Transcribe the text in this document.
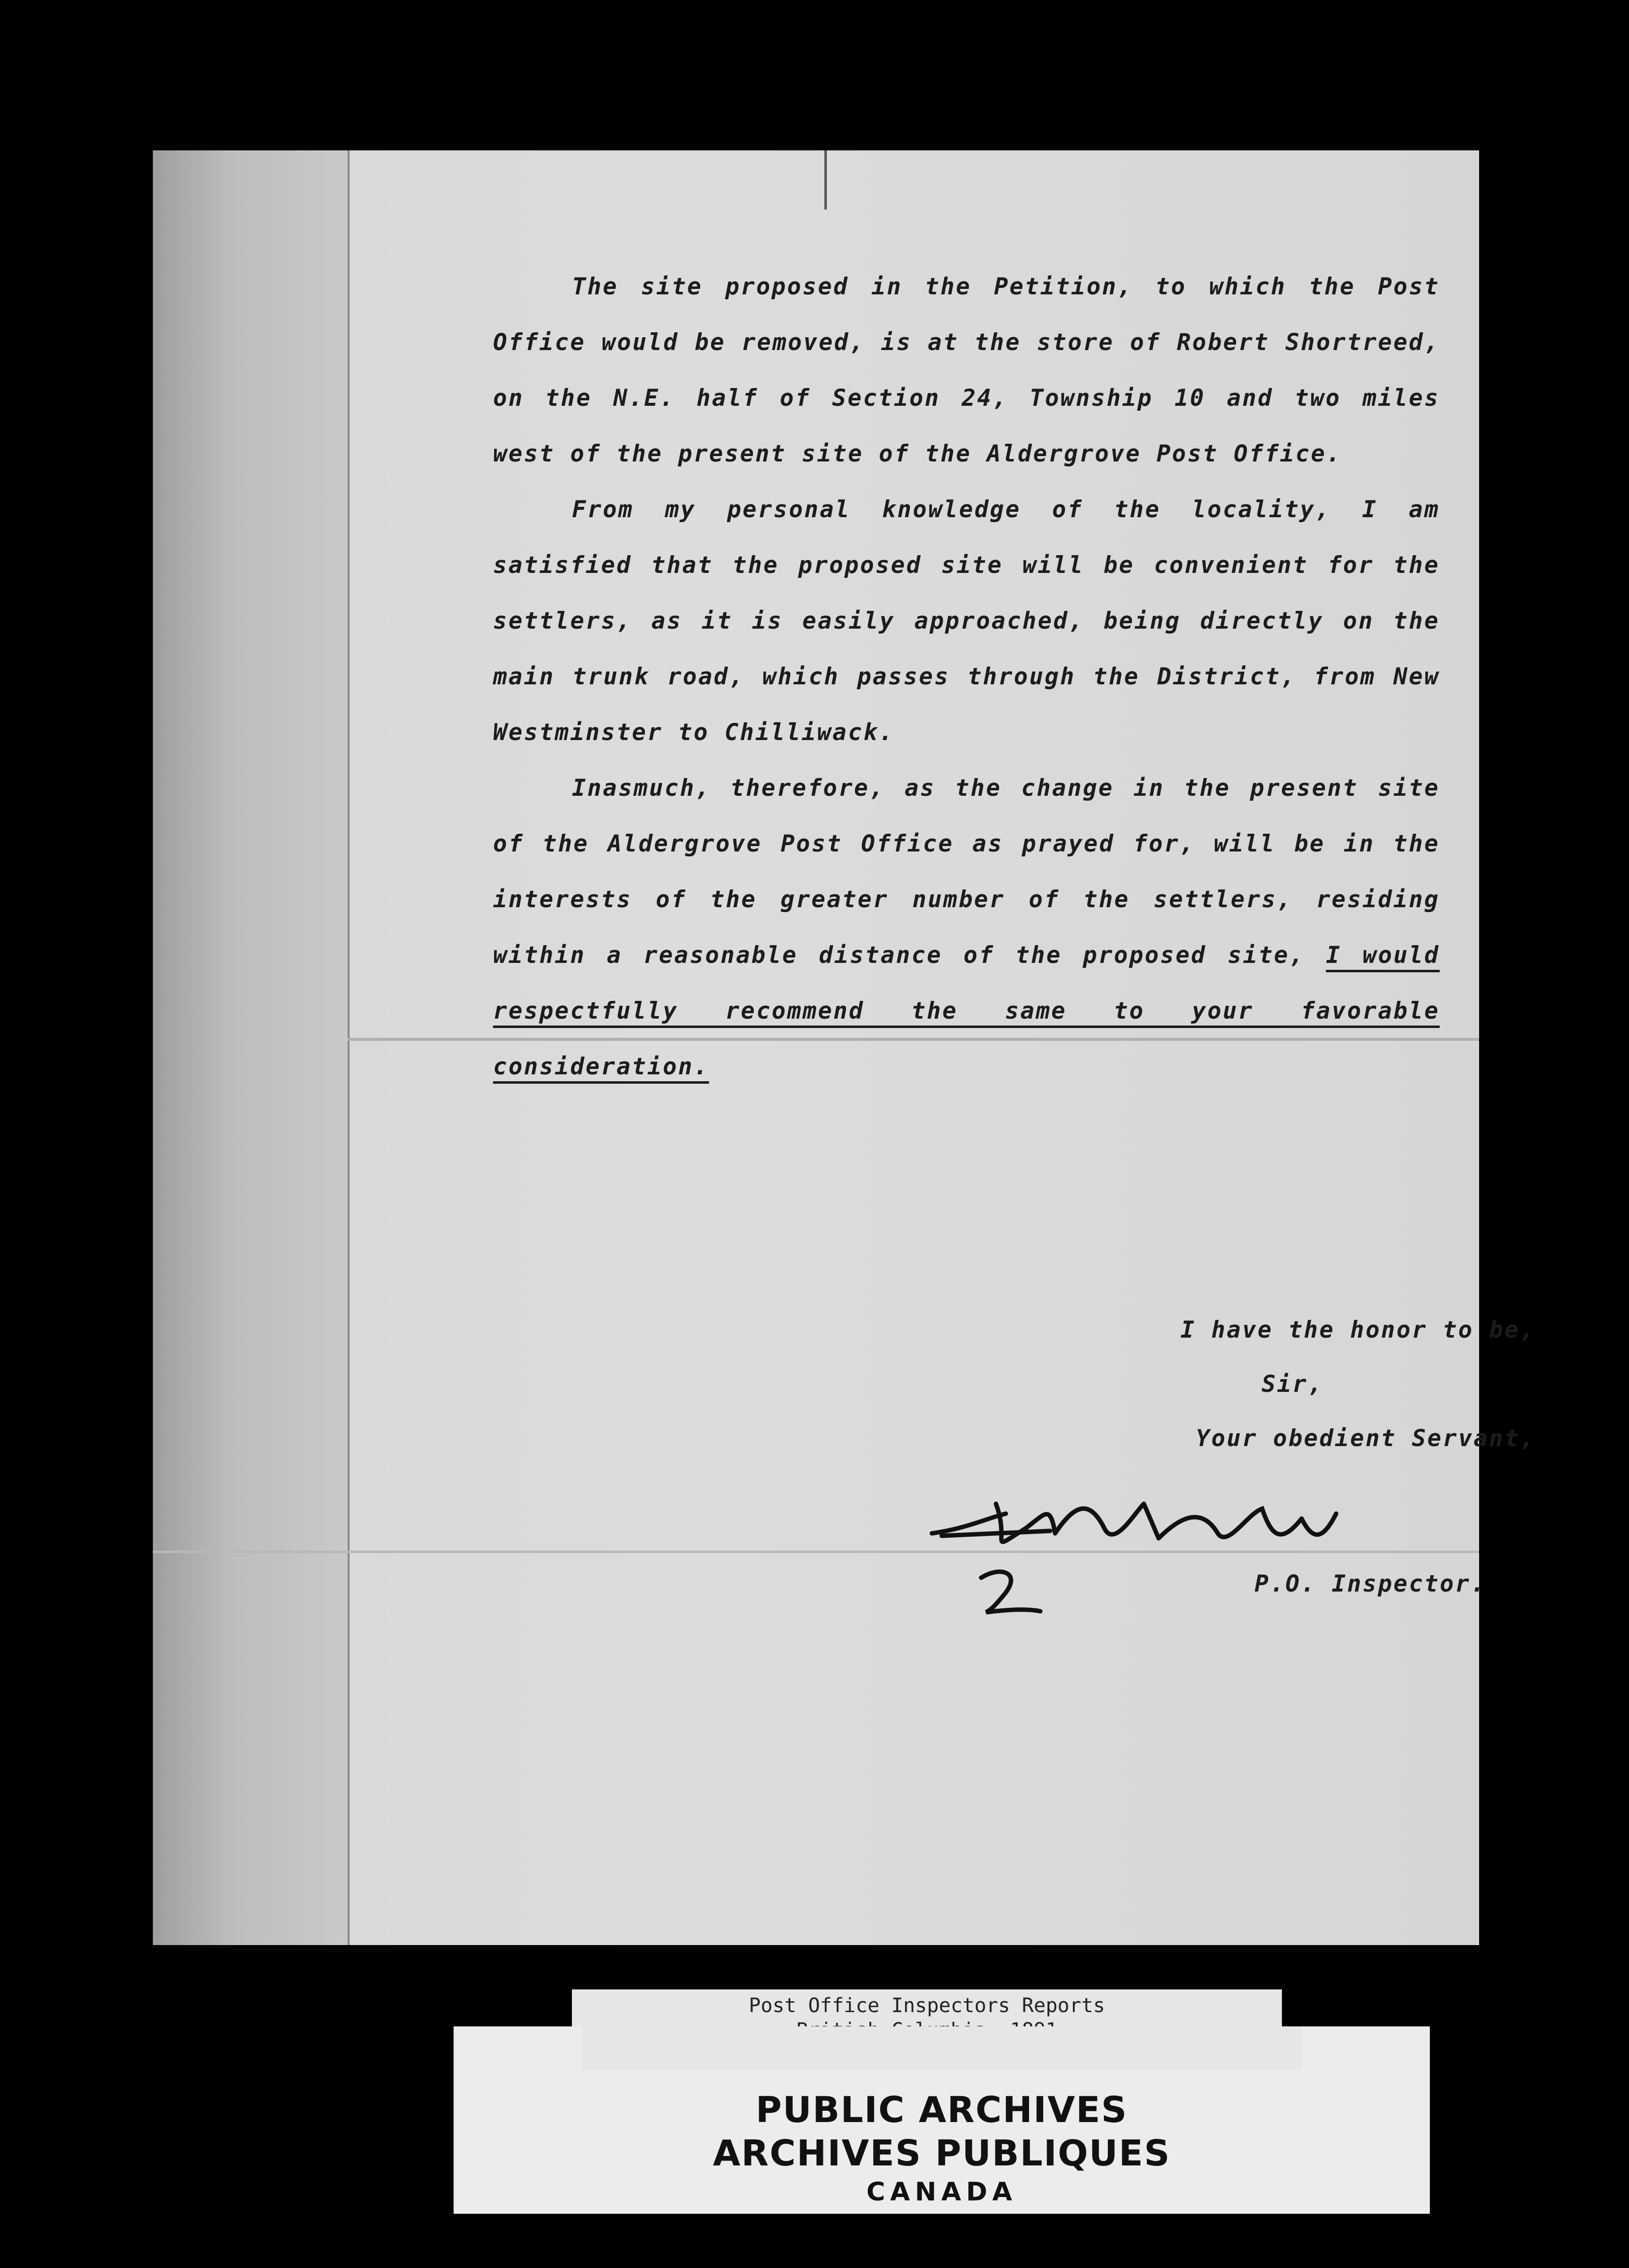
The site proposed in the Petition, to which the Post Office would be removed, is at the store of Robert Shortreed, on the N.E. half of Section 24, Township 10 and two miles west of the present site of the Aldergrove Post Office.

From my personal knowledge of the locality, I am satisfied that the proposed site will be convenient for the settlers, as it is easily approached, being directly on the main trunk road, which passes through the District, from New Westminster to Chilliwack.

Inasmuch, therefore, as the change in the present site of the Aldergrove Post Office as prayed for, will be in the interests of the greater number of the settlers, residing within a reasonable distance of the proposed site, I would respectfully recommend the same to your favorable consideration.

I have the honor to be,
Sir,
Your obedient Servant,
P.O. Inspector.
Post Office Inspectors Reports
PUBLIC ARCHIVES
ARCHIVES PUBLIQUES
CANADA
